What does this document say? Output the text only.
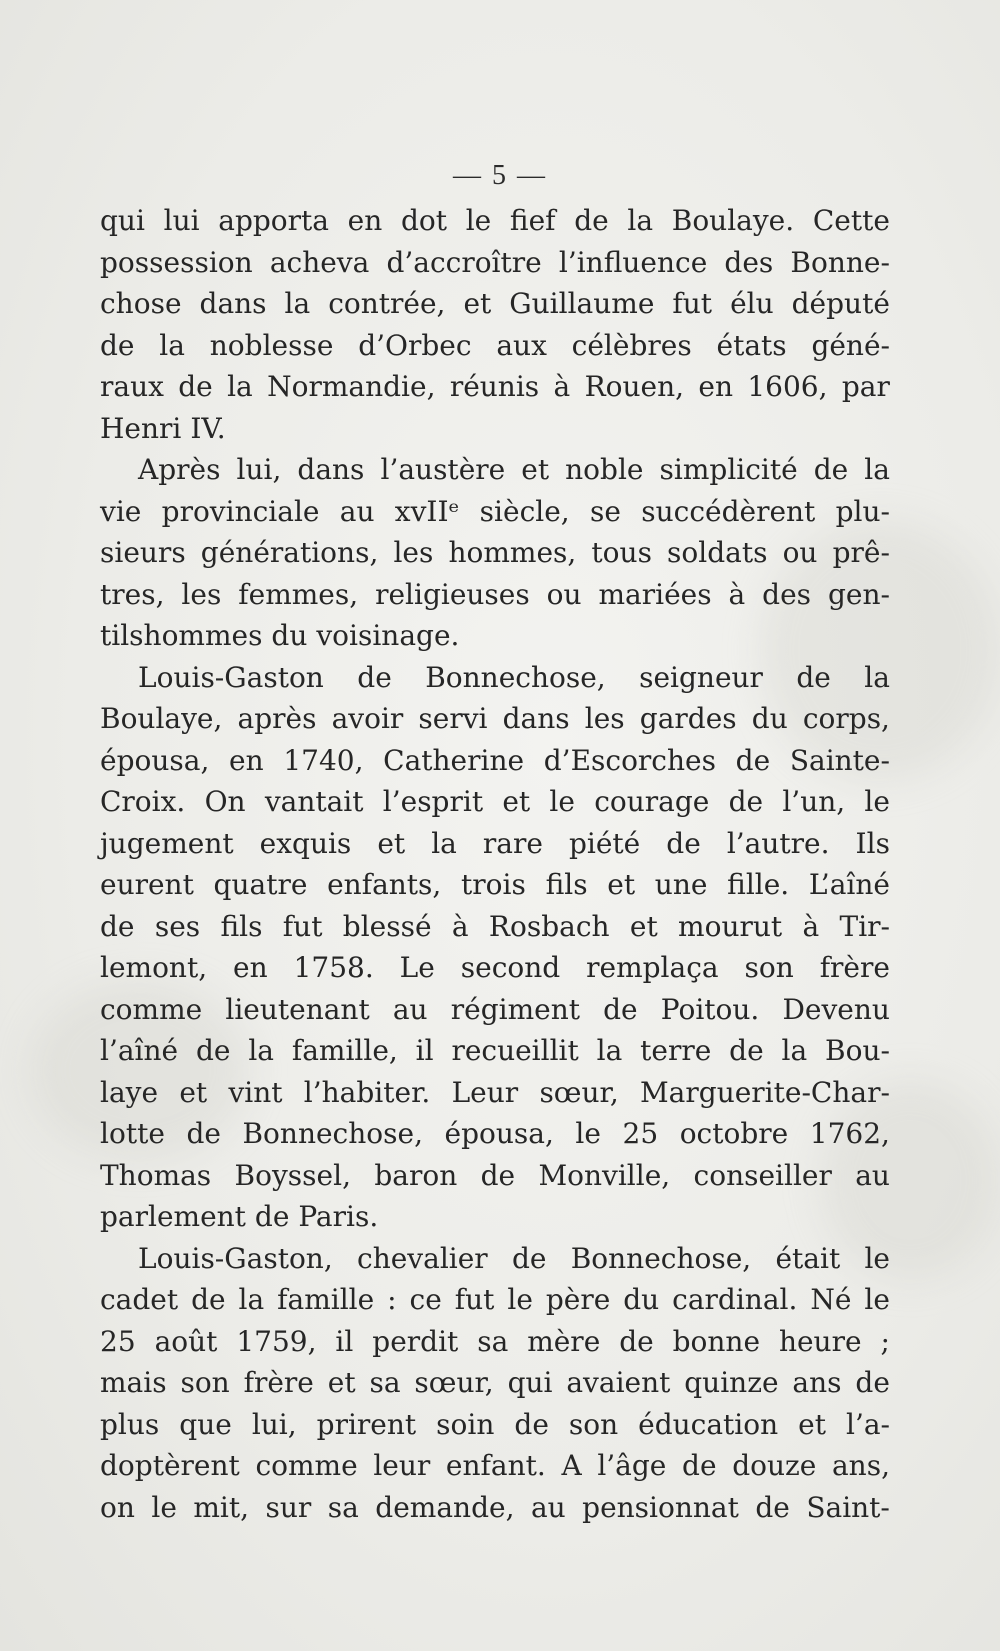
— 5 —
qui lui apporta en dot le fief de la Boulaye. Cette
possession acheva d’accroître l’influence des Bonne-
chose dans la contrée, et Guillaume fut élu député
de la noblesse d’Orbec aux célèbres états géné-
raux de la Normandie, réunis à Rouen, en 1606, par
Henri IV.
Après lui, dans l’austère et noble simplicité de la
vie provinciale au xvIIᵉ siècle, se succédèrent plu-
sieurs générations, les hommes, tous soldats ou prê-
tres, les femmes, religieuses ou mariées à des gen-
tilshommes du voisinage.
Louis-Gaston de Bonnechose, seigneur de la
Boulaye, après avoir servi dans les gardes du corps,
épousa, en 1740, Catherine d’Escorches de Sainte-
Croix. On vantait l’esprit et le courage de l’un, le
jugement exquis et la rare piété de l’autre. Ils
eurent quatre enfants, trois fils et une fille. L’aîné
de ses fils fut blessé à Rosbach et mourut à Tir-
lemont, en 1758. Le second remplaça son frère
comme lieutenant au régiment de Poitou. Devenu
l’aîné de la famille, il recueillit la terre de la Bou-
laye et vint l’habiter. Leur sœur, Marguerite-Char-
lotte de Bonnechose, épousa, le 25 octobre 1762,
Thomas Boyssel, baron de Monville, conseiller au
parlement de Paris.
Louis-Gaston, chevalier de Bonnechose, était le
cadet de la famille : ce fut le père du cardinal. Né le
25 août 1759, il perdit sa mère de bonne heure ;
mais son frère et sa sœur, qui avaient quinze ans de
plus que lui, prirent soin de son éducation et l’a-
doptèrent comme leur enfant. A l’âge de douze ans,
on le mit, sur sa demande, au pensionnat de Saint-
